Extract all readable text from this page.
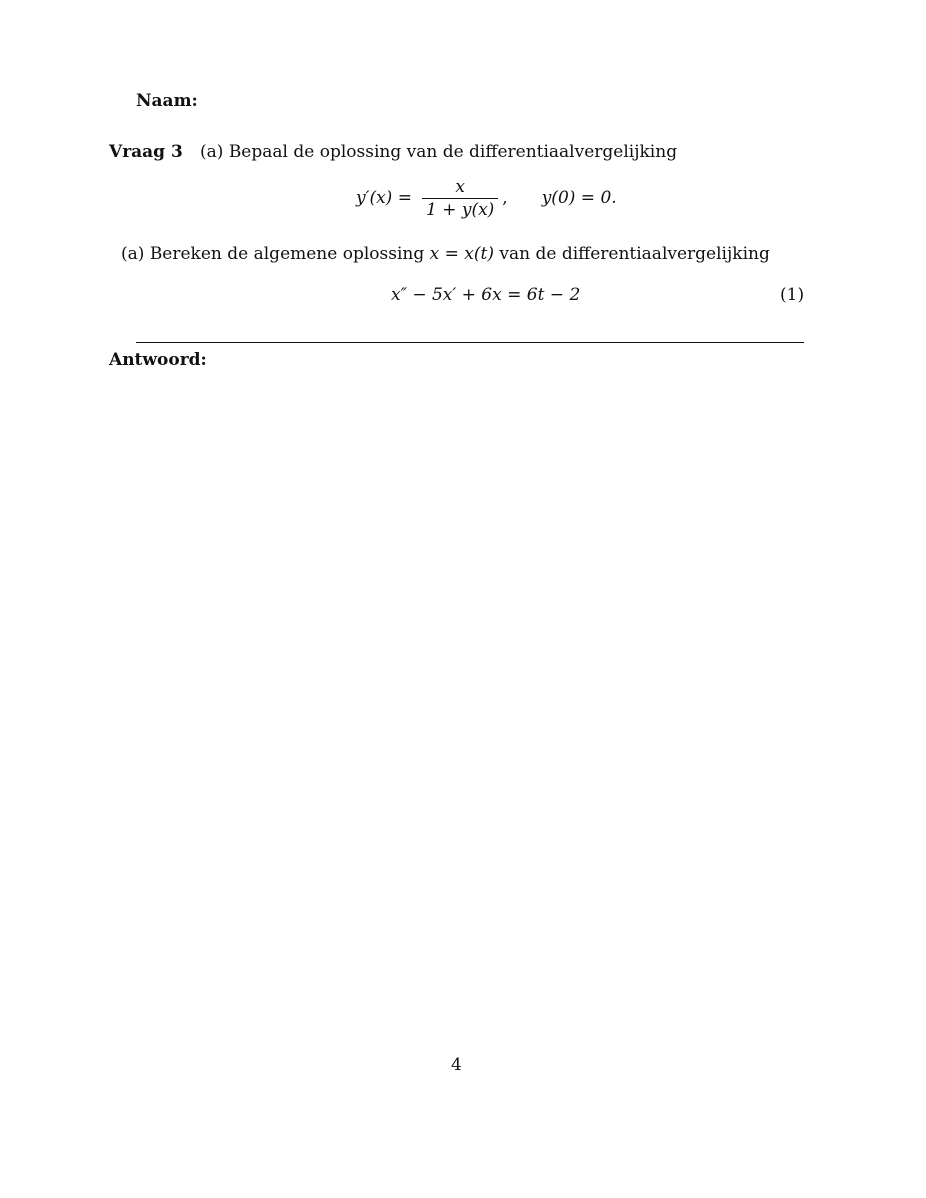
Naam:
Vraag 3 (a) Bepaal de oplossing van de differentiaalvergelijking
$y'(x) = \frac{x}{1 + y(x)}$ , y(0) = 0.
(a) Bereken de algemene oplossing x = x(t) van de differentiaalvergelijking
x″ − 5x′ + 6x = 6t − 2	(1)
Antwoord:
4
